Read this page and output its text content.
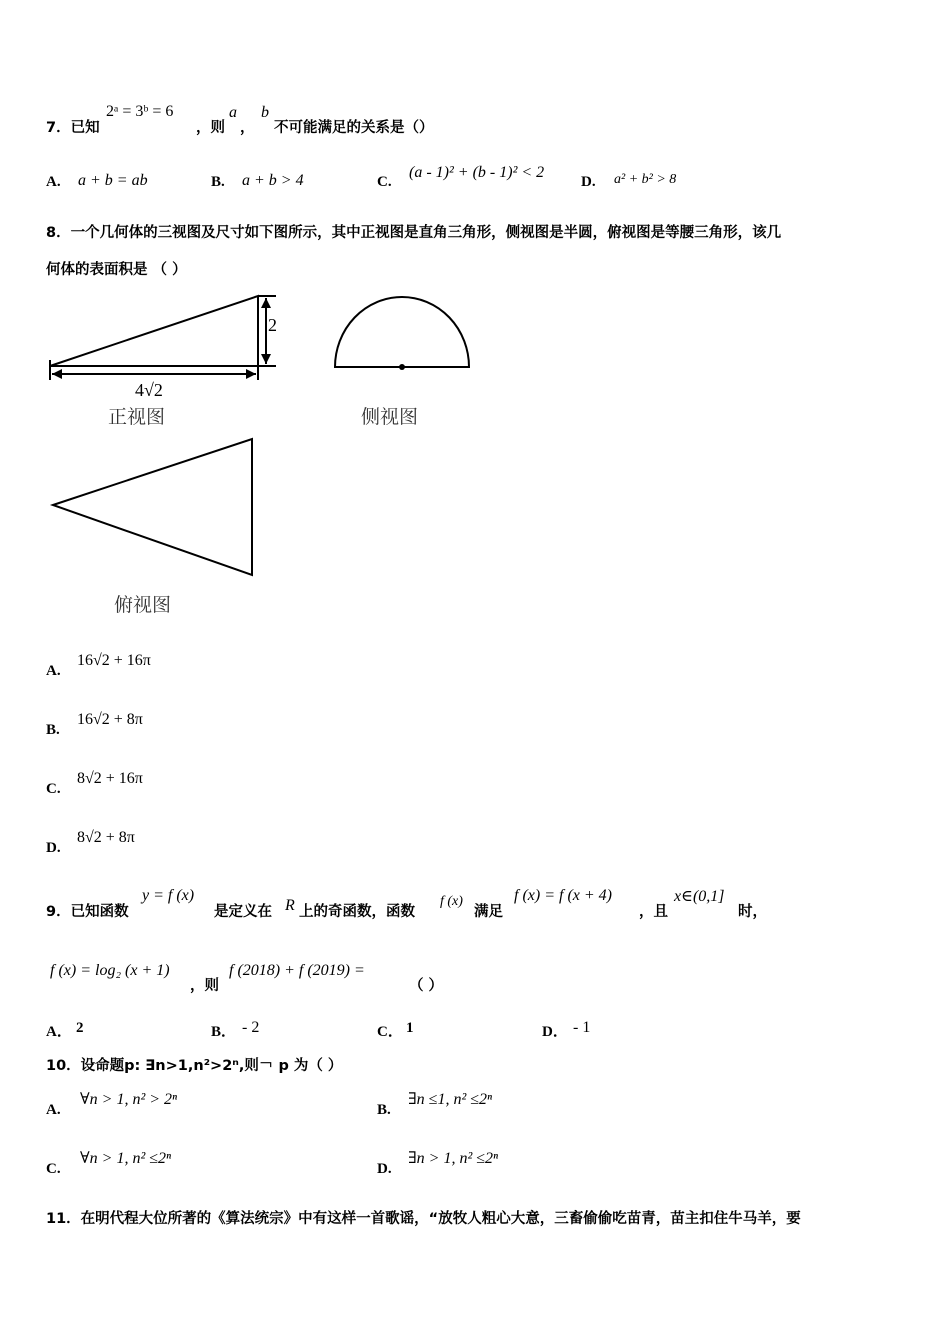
7．已知
2ᵃ = 3ᵇ = 6
，则
a
，
b
不可能满足的关系是（）
A. a + b = ab	B. a + b > 4	C.
(a - 1)² + (b - 1)² < 2
D. a² + b² > 8
8．一个几何体的三视图及尺寸如下图所示，其中正视图是直角三角形，侧视图是半圆，俯视图是等腰三角形，该几
何体的表面积是 （ ）
2
4√2
正视图	侧视图
俯视图
A.
16√2 + 16π
B.
16√2 + 8π
C.
8√2 + 16π
D.
8√2 + 8π
9．已知函数
y = f (x)
是定义在 R 上的奇函数，函数
f (x)
满足
f (x) = f (x + 4)
，且
x∈(0,1]
时，
f (x) = log₂ (x + 1)
，则
f (2018) + f (2019) =
（ ）
A． 2	B． - 2	C． 1	D． - 1
10．设命题p: ∃n>1,n²>2ⁿ,则￢ p 为（ ）
A.
∀n > 1, n² > 2ⁿ
B.
∃n ≤1, n² ≤2ⁿ
C.
∀n > 1, n² ≤2ⁿ
D.
∃n > 1, n² ≤2ⁿ
11．在明代程大位所著的《算法统宗》中有这样一首歌谣，“放牧人粗心大意，三畜偷偷吃苗青，苗主扣住牛马羊，要
